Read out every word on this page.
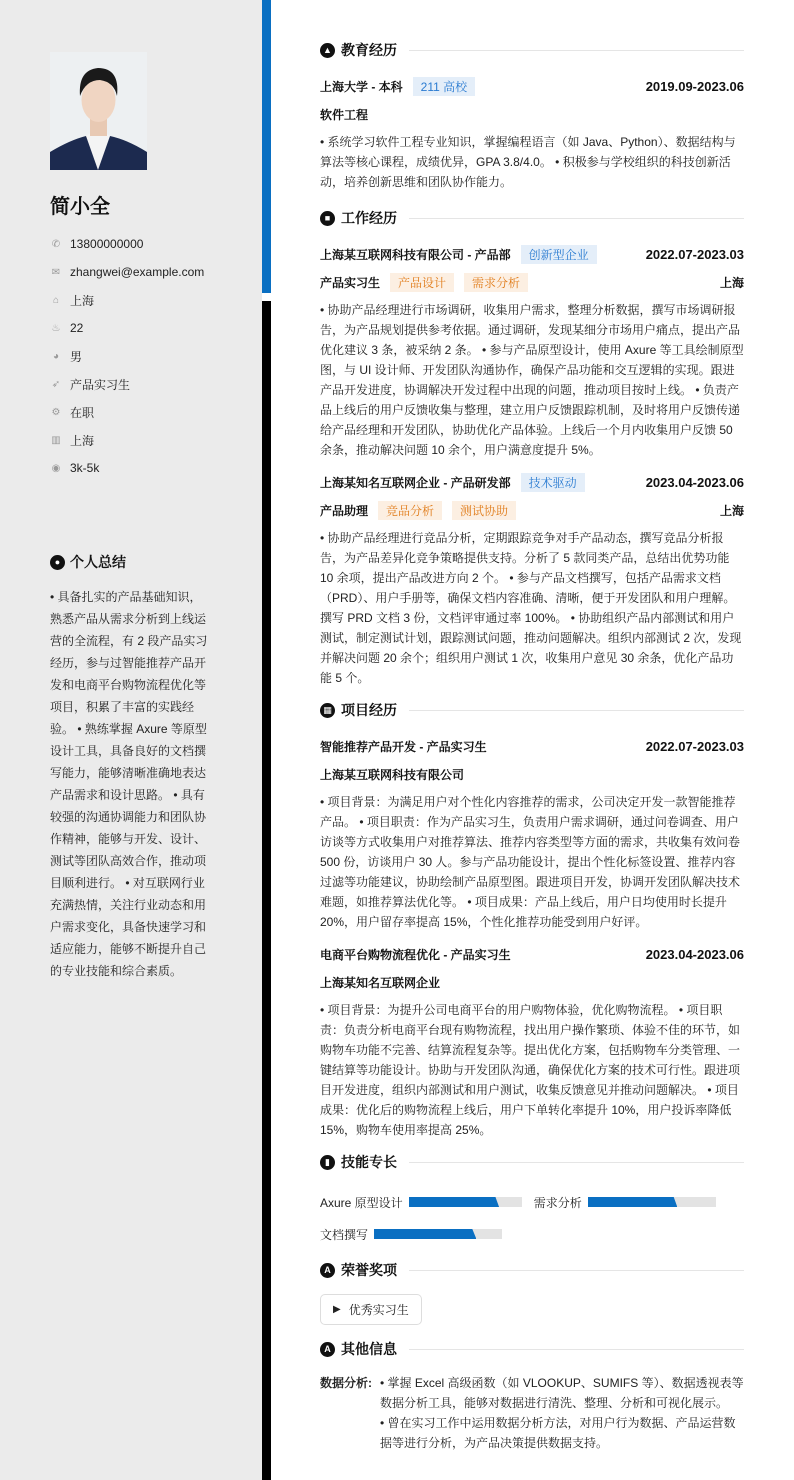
简小全
✆ 13800000000
✉ zhangwei@example.com
⌂ 上海
♨ 22
◕ 男
➶ 产品实习生
⚙ 在职
▥ 上海
◉ 3k-5k
● 个人总结

• 具备扎实的产品基础知识，熟悉产品从需求分析到上线运营的全流程，有 2 段产品实习经历，参与过智能推荐产品开发和电商平台购物流程优化等项目，积累了丰富的实践经验。 • 熟练掌握 Axure 等原型设计工具，具备良好的文档撰写能力，能够清晰准确地表达产品需求和设计思路。 • 具有较强的沟通协调能力和团队协作精神，能够与开发、设计、测试等团队高效合作，推动项目顺利进行。 • 对互联网行业充满热情，关注行业动态和用户需求变化，具备快速学习和适应能力，能够不断提升自己的专业技能和综合素质。

▲ 教育经历
上海大学 - 本科	211 高校	2019.09-2023.06
软件工程
• 系统学习软件工程专业知识，掌握编程语言（如 Java、Python）、数据结构与算法等核心课程，成绩优异，GPA 3.8/4.0。 • 积极参与学校组织的科技创新活动，培养创新思维和团队协作能力。
■ 工作经历
上海某互联网科技有限公司 - 产品部	创新型企业	2022.07-2023.03
产品实习生	产品设计	需求分析	上海
• 协助产品经理进行市场调研，收集用户需求，整理分析数据，撰写市场调研报告，为产品规划提供参考依据。通过调研，发现某细分市场用户痛点，提出产品优化建议 3 条，被采纳 2 条。 • 参与产品原型设计，使用 Axure 等工具绘制原型图，与 UI 设计师、开发团队沟通协作，确保产品功能和交互逻辑的实现。跟进产品开发进度，协调解决开发过程中出现的问题，推动项目按时上线。 • 负责产品上线后的用户反馈收集与整理，建立用户反馈跟踪机制，及时将用户反馈传递给产品经理和开发团队，协助优化产品体验。上线后一个月内收集用户反馈 50 余条，推动解决问题 10 余个，用户满意度提升 5%。
上海某知名互联网企业 - 产品研发部	技术驱动	2023.04-2023.06
产品助理	竞品分析	测试协助	上海
• 协助产品经理进行竞品分析，定期跟踪竞争对手产品动态，撰写竞品分析报告，为产品差异化竞争策略提供支持。分析了 5 款同类产品，总结出优势功能 10 余项，提出产品改进方向 2 个。 • 参与产品文档撰写，包括产品需求文档（PRD）、用户手册等，确保文档内容准确、清晰，便于开发团队和用户理解。撰写 PRD 文档 3 份，文档评审通过率 100%。 • 协助组织产品内部测试和用户测试，制定测试计划，跟踪测试问题，推动问题解决。组织内部测试 2 次，发现并解决问题 20 余个；组织用户测试 1 次，收集用户意见 30 余条，优化产品功能 5 个。
▦ 项目经历
智能推荐产品开发 - 产品实习生	2022.07-2023.03
上海某互联网科技有限公司
• 项目背景：为满足用户对个性化内容推荐的需求，公司决定开发一款智能推荐产品。 • 项目职责：作为产品实习生，负责用户需求调研，通过问卷调查、用户访谈等方式收集用户对推荐算法、推荐内容类型等方面的需求，共收集有效问卷 500 份，访谈用户 30 人。参与产品功能设计，提出个性化标签设置、推荐内容过滤等功能建议，协助绘制产品原型图。跟进项目开发，协调开发团队解决技术难题，如推荐算法优化等。 • 项目成果：产品上线后，用户日均使用时长提升 20%，用户留存率提高 15%，个性化推荐功能受到用户好评。
电商平台购物流程优化 - 产品实习生	2023.04-2023.06
上海某知名互联网企业
• 项目背景：为提升公司电商平台的用户购物体验，优化购物流程。 • 项目职责：负责分析电商平台现有购物流程，找出用户操作繁琐、体验不佳的环节，如购物车功能不完善、结算流程复杂等。提出优化方案，包括购物车分类管理、一键结算等功能设计。协助与开发团队沟通，确保优化方案的技术可行性。跟进项目开发进度，组织内部测试和用户测试，收集反馈意见并推动问题解决。 • 项目成果：优化后的购物流程上线后，用户下单转化率提升 10%，用户投诉率降低 15%，购物车使用率提高 25%。
▮ 技能专长
Axure 原型设计	需求分析
文档撰写
A 荣誉奖项
▶ 优秀实习生
A 其他信息
数据分析: • 掌握 Excel 高级函数（如 VLOOKUP、SUMIFS 等）、数据透视表等数据分析工具，能够对数据进行清洗、整理、分析和可视化展示。
• 曾在实习工作中运用数据分析方法，对用户行为数据、产品运营数据等进行分析，为产品决策提供数据支持。
